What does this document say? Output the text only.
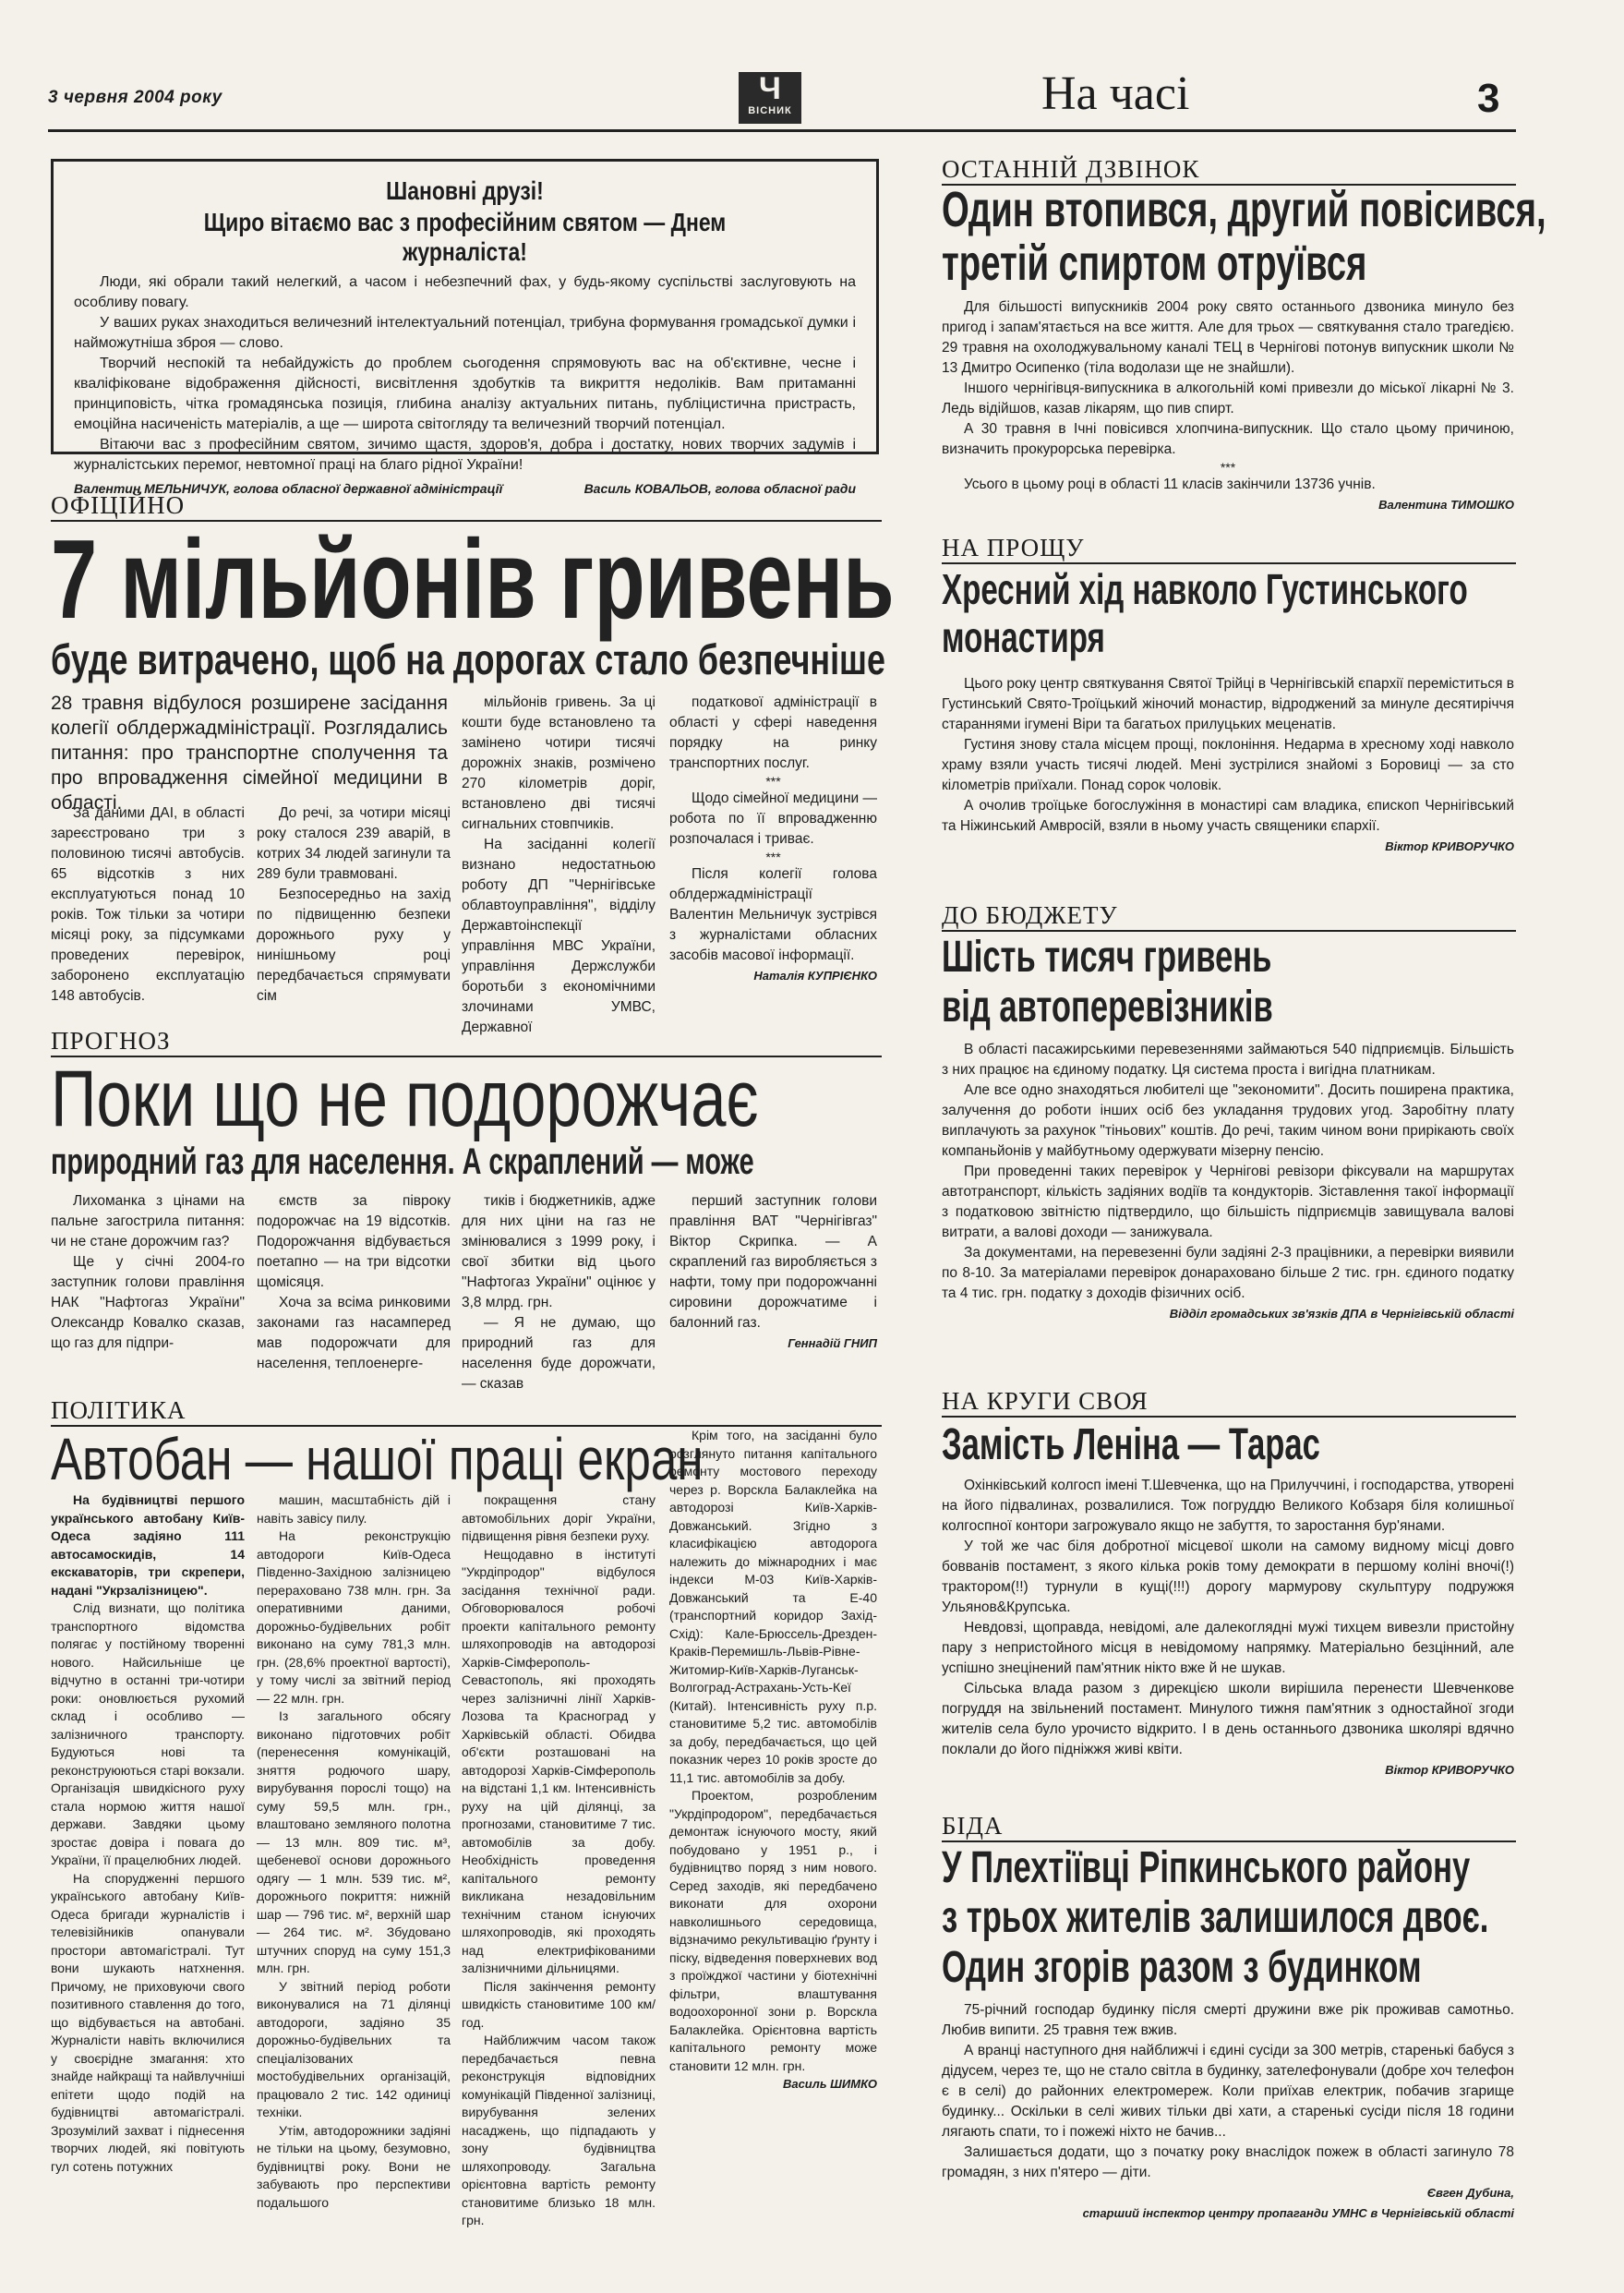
3 червня 2004 року	Ч
ВІСНИК	На часі	3
Шановні друзі!
Щиро вітаємо вас з професійним святом — Днем журналіста!

Люди, які обрали такий нелегкий, а часом і небезпечний фах, у будь-якому суспільстві заслуговують на особливу повагу.

У ваших руках знаходиться величезний інтелектуальний потенціал, трибуна формування громадської думки і найможутніша зброя — слово.

Творчий неспокій та небайдужість до проблем сьогодення спрямовують вас на об'єктивне, чесне і кваліфіковане відображення дійсності, висвітлення здобутків та викриття недоліків. Вам притаманні принциповість, чітка громадянська позиція, глибина аналізу актуальних питань, публіцистична пристрасть, емоційна насиченість матеріалів, а ще — широта світогляду та величезний творчий потенціал.

Вітаючи вас з професійним святом, зичимо щастя, здоров'я, добра і достатку, нових творчих задумів і журналістських перемог, невтомної праці на благо рідної України!

Валентин МЕЛЬНИЧУК, голова обласної державної адміністрації	Василь КОВАЛЬОВ, голова обласної ради
ОФІЦІЙНО
7 мільйонів гривень
буде витрачено, щоб на дорогах стало безпечніше
28 травня відбулося розширене засідання колегії облдержадміністрації. Розглядались питання: про транспортне сполучення та про впровадження сімейної медицини в області.

За даними ДАІ, в області зареєстровано три з половиною тисячі автобусів. 65 відсотків з них експлуатуються понад 10 років. Тож тільки за чотири місяці року, за підсумками проведених перевірок, заборонено експлуатацію 148 автобусів.

До речі, за чотири місяці року сталося 239 аварій, в котрих 34 людей загинули та 289 були травмовані.

Безпосередньо на захід по підвищенню безпеки дорожнього руху у нинішньому році передбачається спрямувати сім

мільйонів гривень. За ці кошти буде встановлено та замінено чотири тисячі дорожніх знаків, розмічено 270 кілометрів доріг, встановлено дві тисячі сигнальних стовпчиків.

На засіданні колегії визнано недостатньою роботу ДП "Чернігівське облавтоуправління", відділу Державтоінспекції управління МВС України, управління Держслужби боротьби з економічними злочинами УМВС, Державної

податкової адміністрації в області у сфері наведення порядку на ринку транспортних послуг.

***

Щодо сімейної медицини — робота по її впровадженню розпочалася і триває.

***

Після колегії голова облдержадміністрації Валентин Мельничук зустрівся з журналістами обласних засобів масової інформації.

Наталія КУПРІЄНКО
ПРОГНОЗ
Поки що не подорожчає
природний газ для населення. А скраплений — може

Лихоманка з цінами на пальне загострила питання: чи не стане дорожчим газ?

Ще у січні 2004-го заступник голови правління НАК "Нафтогаз України" Олександр Ковалко сказав, що газ для підпри-

ємств за півроку подорожчає на 19 відсотків. Подорожчання відбувається поетапно — на три відсотки щомісяця.

Хоча за всіма ринковими законами газ насамперед мав подорожчати для населення, теплоенерге-

тиків і бюджетників, адже для них ціни на газ не змінювалися з 1999 року, і свої збитки від цього "Нафтогаз України" оцінює у 3,8 млрд. грн.

— Я не думаю, що природний газ для населення буде дорожчати, — сказав

перший заступник голови правління ВАТ "Чернігівгаз" Віктор Скрипка. — А скраплений газ виробляється з нафти, тому при подорожчанні сировини дорожчатиме і балонний газ.

Геннадій ГНИП
ПОЛІТИКА
Автобан — нашої праці екран

На будівництві першого українського автобану Київ-Одеса задіяно 111 автосамоскидів, 14 екскаваторів, три скрепери, надані "Укрзалізницею".

Слід визнати, що політика транспортного відомства полягає у постійному творенні нового. Найсильніше це відчутно в останні три-чотири роки: оновлюється рухомий склад і особливо — залізничного транспорту. Будуються нові та реконструюються старі вокзали. Організація швидкісного руху стала нормою життя нашої держави. Завдяки цьому зростає довіра і повага до України, її працелюбних людей.

На спорудженні першого українського автобану Київ-Одеса бригади журналістів і телевізійників опанували простори автомагістралі. Тут вони шукають натхнення. Причому, не приховуючи свого позитивного ставлення до того, що відбувається на автобані. Журналісти навіть включилися у своєрідне змагання: хто знайде найкращі та найвлучніші епітети щодо подій на будівництві автомагістралі. Зрозумілий захват і піднесення творчих людей, які повітують гул сотень потужних

машин, масштабність дій і навіть завісу пилу.

На реконструкцію автодороги Київ-Одеса Південно-Західною залізницею перераховано 738 млн. грн. За оперативними даними, дорожньо-будівельних робіт виконано на суму 781,3 млн. грн. (28,6% проектної вартості), у тому числі за звітний період — 22 млн. грн.

Із загального обсягу виконано підготовчих робіт (перенесення комунікацій, зняття родючого шару, вирубування порослі тощо) на суму 59,5 млн. грн., влаштовано земляного полотна — 13 млн. 809 тис. м³, щебеневої основи дорожнього одягу — 1 млн. 539 тис. м², дорожнього покриття: нижній шар — 796 тис. м², верхній шар — 264 тис. м². Збудовано штучних споруд на суму 151,3 млн. грн.

У звітний період роботи виконувалися на 71 ділянці автодороги, задіяно 35 дорожньо-будівельних та спеціалізованих мостобудівельних організацій, працювало 2 тис. 142 одиниці техніки.

Утім, автодорожники задіяні не тільки на цьому, безумовно, будівництві року. Вони не забувають про перспективи подальшого

покращення стану автомобільних доріг України, підвищення рівня безпеки руху.

Нещодавно в інституті "Укрдіпродор" відбулося засідання технічної ради. Обговорювалося робочі проекти капітального ремонту шляхопроводів на автодорозі Харків-Сімферополь-Севастополь, які проходять через залізничні лінії Харків-Лозова та Красноград у Харківській області. Обидва об'єкти розташовані на автодорозі Харків-Сімферополь на відстані 1,1 км. Інтенсивність руху на цій ділянці, за прогнозами, становитиме 7 тис. автомобілів за добу. Необхідність проведення капітального ремонту викликана незадовільним технічним станом існуючих шляхопроводів, які проходять над електрифікованими залізничними дільницями.

Після закінчення ремонту швидкість становитиме 100 км/год.

Найближчим часом також передбачається певна реконструкція відповідних комунікацій Південної залізниці, вирубування зелених насаджень, що підпадають у зону будівництва шляхопроводу. Загальна орієнтовна вартість ремонту становитиме близько 18 млн. грн.

Крім того, на засіданні було розглянуто питання капітального ремонту мостового переходу через р. Ворскла Балаклейка на автодорозі Київ-Харків-Довжанський. Згідно з класифікацією автодорога належить до міжнародних і має індекси М-03 Київ-Харків-Довжанський та Е-40 (транспортний коридор Захід-Схід): Кале-Брюссель-Дрезден-Краків-Перемишль-Львів-Рівне-Житомир-Київ-Харків-Луганськ-Волгоград-Астрахань-Усть-Кеї (Китай). Інтенсивність руху п.р. становитиме 5,2 тис. автомобілів за добу, передбачається, що цей показник через 10 років зросте до 11,1 тис. автомобілів за добу.

Проектом, розробленим "Укрдіпродором", передбачається демонтаж існуючого мосту, який побудовано у 1951 р., і будівництво поряд з ним нового. Серед заходів, які передбачено виконати для охорони навколишнього середовища, відзначимо рекультивацію ґрунту і піску, відведення поверхневих вод з проїжджої частини у біотехнічні фільтри, влаштування водоохоронної зони р. Ворскла Балаклейка. Орієнтовна вартість капітального ремонту може становити 12 млн. грн.

Василь ШИМКО
ОСТАННІЙ ДЗВІНОК
Один втопився, другий повісився,
третій спиртом отруївся

Для більшості випускників 2004 року свято останнього дзвоника минуло без пригод і запам'ятається на все життя. Але для трьох — святкування стало трагедією. 29 травня на охолоджувальному каналі ТЕЦ в Чернігові потонув випускник школи № 13 Дмитро Осипенко (тіла водолази ще не знайшли).

Іншого чернігівця-випускника в алкогольній комі привезли до міської лікарні № 3. Ледь відійшов, казав лікарям, що пив спирт.

А 30 травня в Ічні повісився хлопчина-випускник. Що стало цьому причиною, визначить прокурорська перевірка.

***

Усього в цьому році в області 11 класів закінчили 13736 учнів.

Валентина ТИМОШКО
НА ПРОЩУ
Хресний хід навколо Густинського
монастиря

Цього року центр святкування Святої Трійці в Чернігівській єпархії переміститься в Густинський Свято-Троїцький жіночий монастир, відроджений за минуле десятиріччя стараннями ігумені Віри та багатьох прилуцьких меценатів.

Густиня знову стала місцем прощі, поклоніння. Недарма в хресному ході навколо храму взяли участь тисячі людей. Мені зустрілися знайомі з Боровиці — за сто кілометрів приїхали. Понад сорок чоловік.

А очолив троїцьке богослужіння в монастирі сам владика, єпископ Чернігівський та Ніжинський Амвросій, взяли в ньому участь священики єпархії.

Віктор КРИВОРУЧКО
ДО БЮДЖЕТУ
Шість тисяч гривень
від автоперевізників

В області пасажирськими перевезеннями займаються 540 підприємців. Більшість з них працює на єдиному податку. Ця система проста і вигідна платникам.

Але все одно знаходяться любителі ще "зекономити". Досить поширена практика, залучення до роботи інших осіб без укладання трудових угод. Заробітну плату виплачують за рахунок "тіньових" коштів. До речі, таким чином вони прирікають своїх компаньйонів у майбутньому одержувати мізерну пенсію.

При проведенні таких перевірок у Чернігові ревізори фіксували на маршрутах автотранспорт, кількість задіяних водіїв та кондукторів. Зіставлення такої інформації з податковою звітністю підтвердило, що більшість підприємців завищувала валові витрати, а валові доходи — занижувала.

За документами, на перевезенні були задіяні 2-3 працівники, а перевірки виявили по 8-10. За матеріалами перевірок донараховано більше 2 тис. грн. єдиного податку та 4 тис. грн. податку з доходів фізичних осіб.

Відділ громадських зв'язків ДПА в Чернігівській області
НА КРУГИ СВОЯ
Замість Леніна — Тарас

Охінківський колгосп імені Т.Шевченка, що на Прилуччині, і господарства, утворені на його підвалинах, розвалилися. Тож погруддю Великого Кобзаря біля колишньої колгоспної контори загрожувало якщо не забуття, то заростання бур'янами.

У той же час біля добротної місцевої школи на самому видному місці довго бовванів постамент, з якого кілька років тому демократи в першому коліні вночі(!) трактором(!!) турнули в кущі(!!!) дорогу мармурову скульптуру подружжя Ульянов&Крупська.

Невдовзі, щоправда, невідомі, але далекоглядні мужі тихцем вивезли пристойну пару з непристойного місця в невідомому напрямку. Матеріально безцінний, але успішно знецінений пам'ятник нікто вже й не шукав.

Сільська влада разом з дирекцією школи вирішила перенести Шевченкове погруддя на звільнений постамент. Минулого тижня пам'ятник з одностайної згоди жителів села було урочисто відкрито. І в день останнього дзвоника школярі вдячно поклали до його підніжжя живі квіти.

Віктор КРИВОРУЧКО
БІДА
У Плехтіївці Ріпкинського району
з трьох жителів залишилося двоє.
Один згорів разом з будинком

75-річний господар будинку після смерті дружини вже рік проживав самотньо. Любив випити. 25 травня теж вжив.

А вранці наступного дня найближчі і єдині сусіди за 300 метрів, старенькі бабуся з дідусем, через те, що не стало світла в будинку, зателефонували (добре хоч телефон є в селі) до районних електромереж. Коли приїхав електрик, побачив згарище будинку... Оскільки в селі живих тільки дві хати, а старенькі сусіди після 18 години лягають спати, то і пожежі ніхто не бачив...

Залишається додати, що з початку року внаслідок пожеж в області загинуло 78 громадян, з них п'ятеро — діти.

Євген Дубина,
старший інспектор центру пропаганди УМНС в Чернігівській області
